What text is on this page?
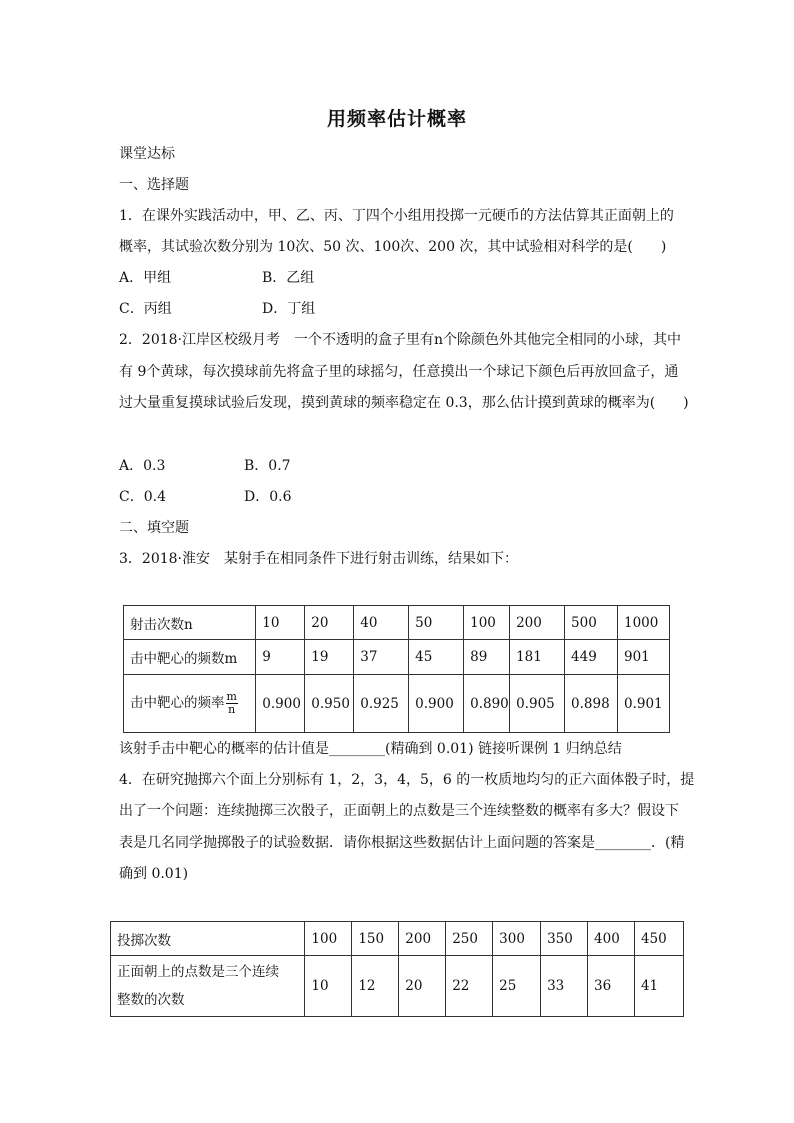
用频率估计概率
课堂达标
一、选择题
1．在课外实践活动中，甲、乙、丙、丁四个小组用投掷一元硬币的方法估算其正面朝上的
概率，其试验次数分别为 10次、50 次、100次、200 次，其中试验相对科学的是(　　)
A．甲组	B．乙组
C．丙组	D．丁组
2．2018·江岸区校级月考　一个不透明的盒子里有n个除颜色外其他完全相同的小球，其中
有 9个黄球，每次摸球前先将盒子里的球摇匀，任意摸出一个球记下颜色后再放回盒子，通
过大量重复摸球试验后发现，摸到黄球的频率稳定在 0.3，那么估计摸到黄球的概率为(　　)
A．0.3	B．0.7
C．0.4	D．0.6
二、填空题
3．2018·淮安　某射手在相同条件下进行射击训练，结果如下：
射击次数n	10	20	40	50	100	200	500	1000
击中靶心的频数m	9	19	37	45	89	181	449	901
击中靶心的频率 $\frac{m}{n}$	0.900	0.950	0.925	0.900	0.890	0.905	0.898	0.901
该射手击中靶心的概率的估计值是________(精确到 0.01) 链接听课例 1 归纳总结
4．在研究抛掷六个面上分别标有 1，2，3，4，5，6 的一枚质地均匀的正六面体骰子时，提
出了一个问题：连续抛掷三次骰子，正面朝上的点数是三个连续整数的概率有多大？假设下
表是几名同学抛掷骰子的试验数据．请你根据这些数据估计上面问题的答案是________．(精
确到 0.01)
投掷次数	100	150	200	250	300	350	400	450

正面朝上的点数是三个连续
整数的次数	10	12	20	22	25	33	36	41
